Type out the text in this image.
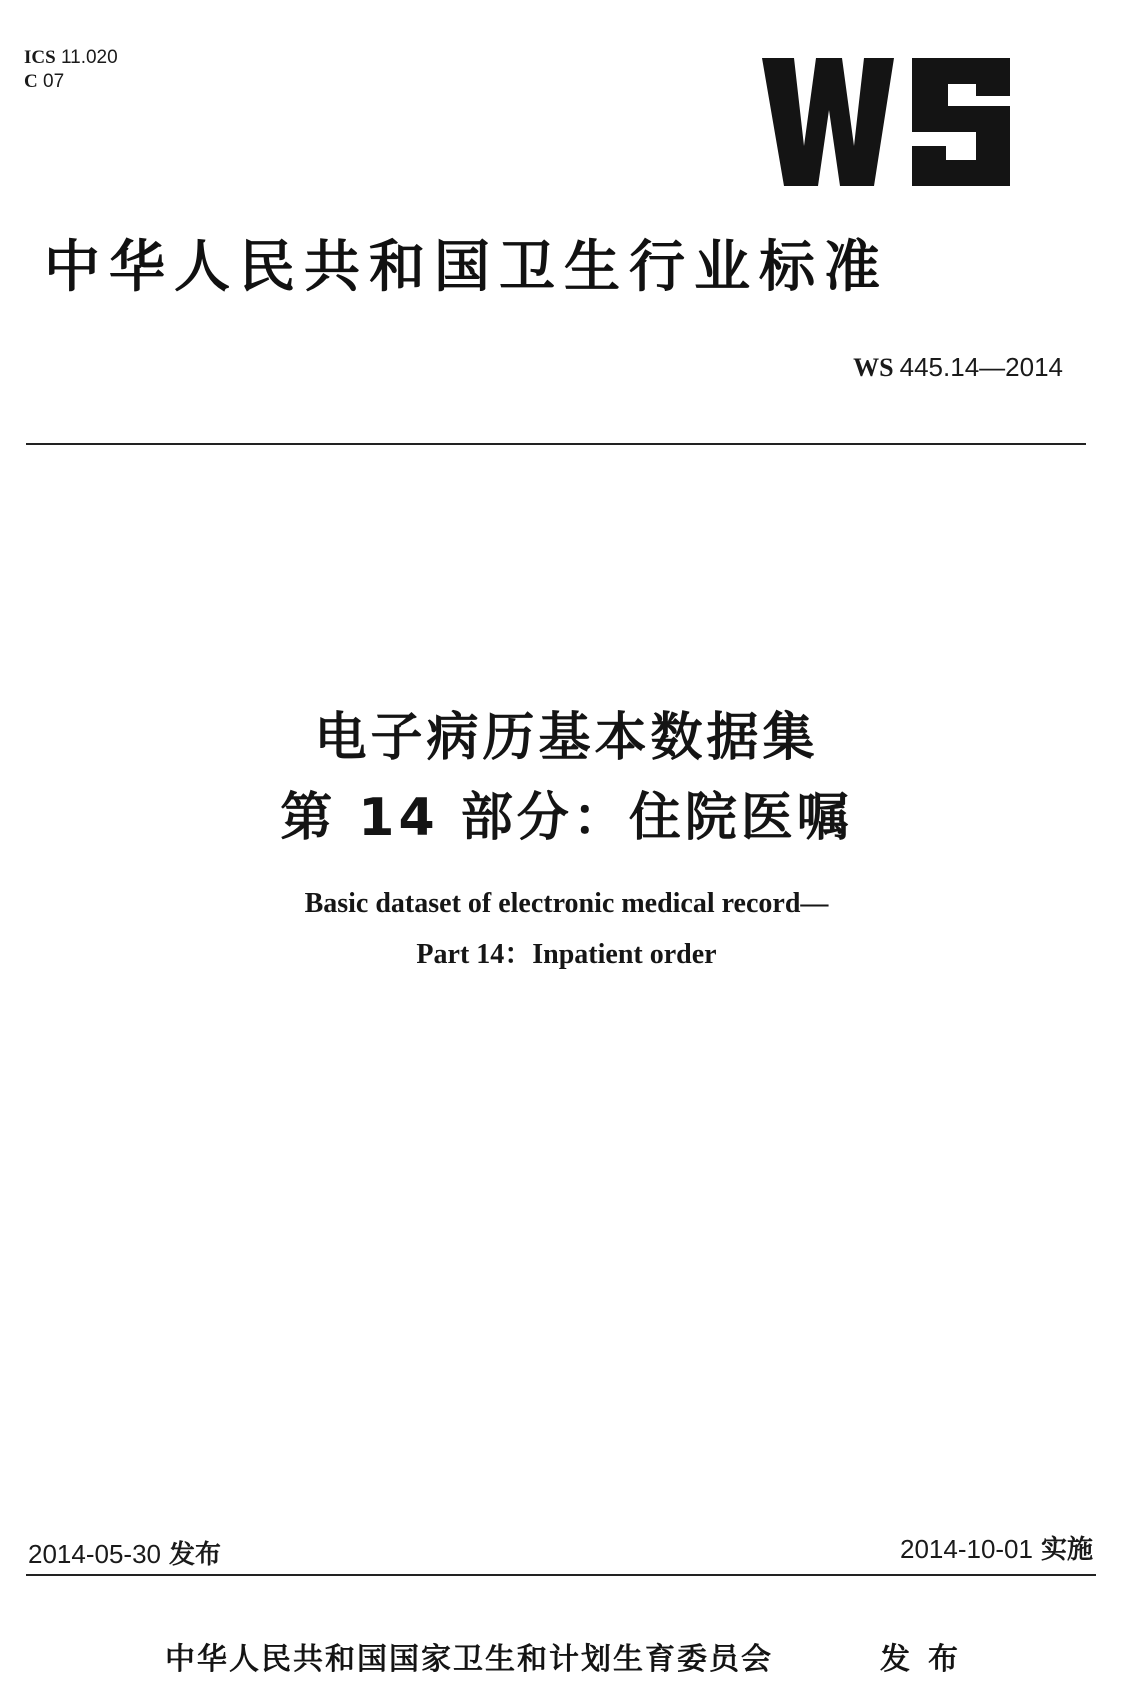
ICS 11.020
C 07
中华人民共和国卫生行业标准
WS 445.14—2014
电子病历基本数据集
第 14 部分：住院医嘱
Basic dataset of electronic medical record—
Part 14：Inpatient order
2014-05-30 发布	2014-10-01 实施
中华人民共和国国家卫生和计划生育委员会	发布
